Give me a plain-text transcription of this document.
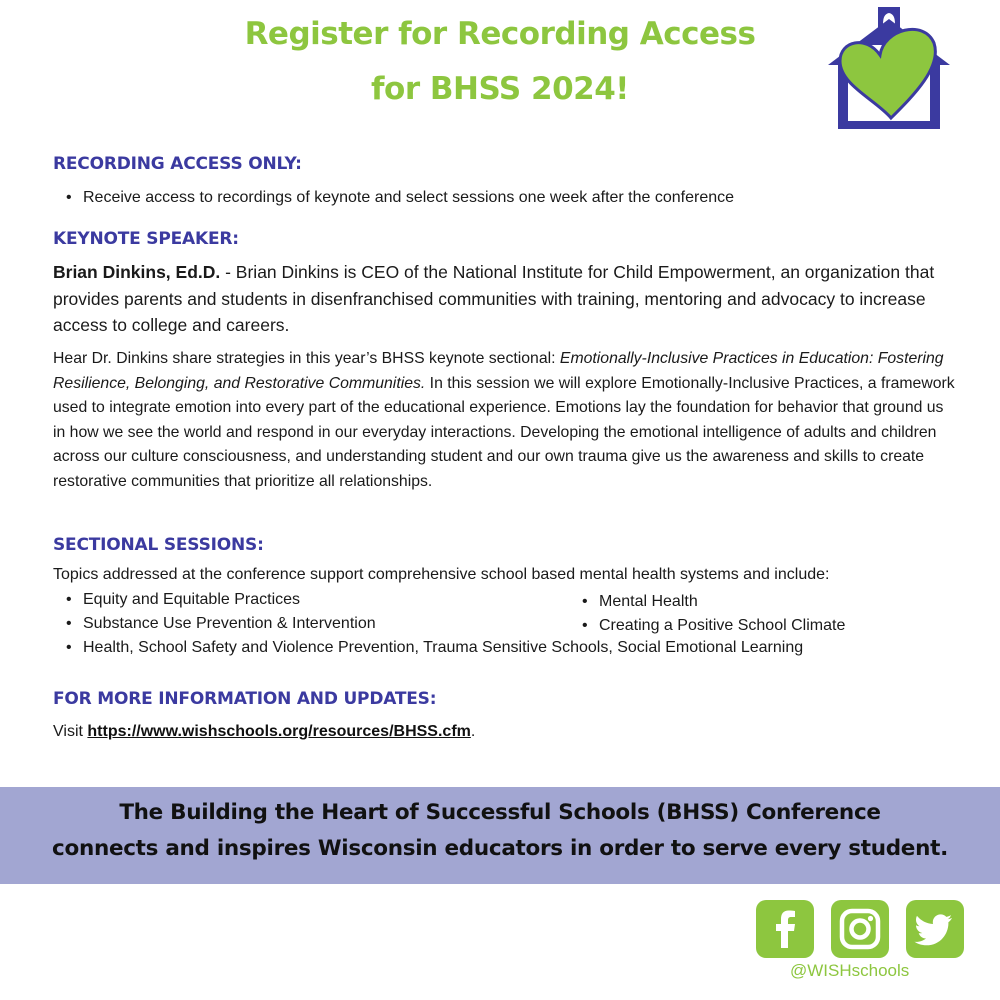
Register for Recording Access
for BHSS 2024!
RECORDING ACCESS ONLY:
• Receive access to recordings of keynote and select sessions one week after the conference
KEYNOTE SPEAKER:
Brian Dinkins, Ed.D. - Brian Dinkins is CEO of the National Institute for Child Empowerment, an organization that provides parents and students in disenfranchised communities with training, mentoring and advocacy to increase access to college and careers.
Hear Dr. Dinkins share strategies in this year’s BHSS keynote sectional: Emotionally-Inclusive Practices in Education: Fostering Resilience, Belonging, and Restorative Communities. In this session we will explore Emotionally-Inclusive Practices, a framework used to integrate emotion into every part of the educational experience. Emotions lay the foundation for behavior that ground us in how we see the world and respond in our everyday interactions. Developing the emotional intelligence of adults and children across our culture consciousness, and understanding student and our own trauma give us the awareness and skills to create restorative communities that prioritize all relationships.
SECTIONAL SESSIONS:
Topics addressed at the conference support comprehensive school based mental health systems and include:
• Equity and Equitable Practices	• Mental Health
• Substance Use Prevention & Intervention	• Creating a Positive School Climate
• Health, School Safety and Violence Prevention, Trauma Sensitive Schools, Social Emotional Learning
FOR MORE INFORMATION AND UPDATES:
Visit https://www.wishschools.org/resources/BHSS.cfm.
The Building the Heart of Successful Schools (BHSS) Conference
connects and inspires Wisconsin educators in order to serve every student.
@WISHschools
